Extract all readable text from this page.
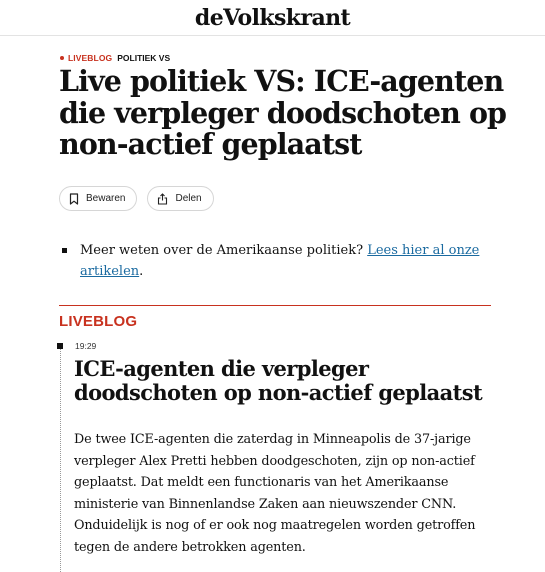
deVolkskrant
LIVEBLOG POLITIEK VS
Live politiek VS: ICE-agenten die verpleger doodschoten op non-actief geplaatst
Bewaren	Delen

Meer weten over de Amerikaanse politiek? Lees hier al onze artikelen.

LIVEBLOG
19:29
ICE-agenten die verpleger doodschoten op non-actief geplaatst

De twee ICE-agenten die zaterdag in Minneapolis de 37-jarige verpleger Alex Pretti hebben doodgeschoten, zijn op non-actief geplaatst. Dat meldt een functionaris van het Amerikaanse ministerie van Binnenlandse Zaken aan nieuwszender CNN. Onduidelijk is nog of er ook nog maatregelen worden getroffen tegen de andere betrokken agenten.
